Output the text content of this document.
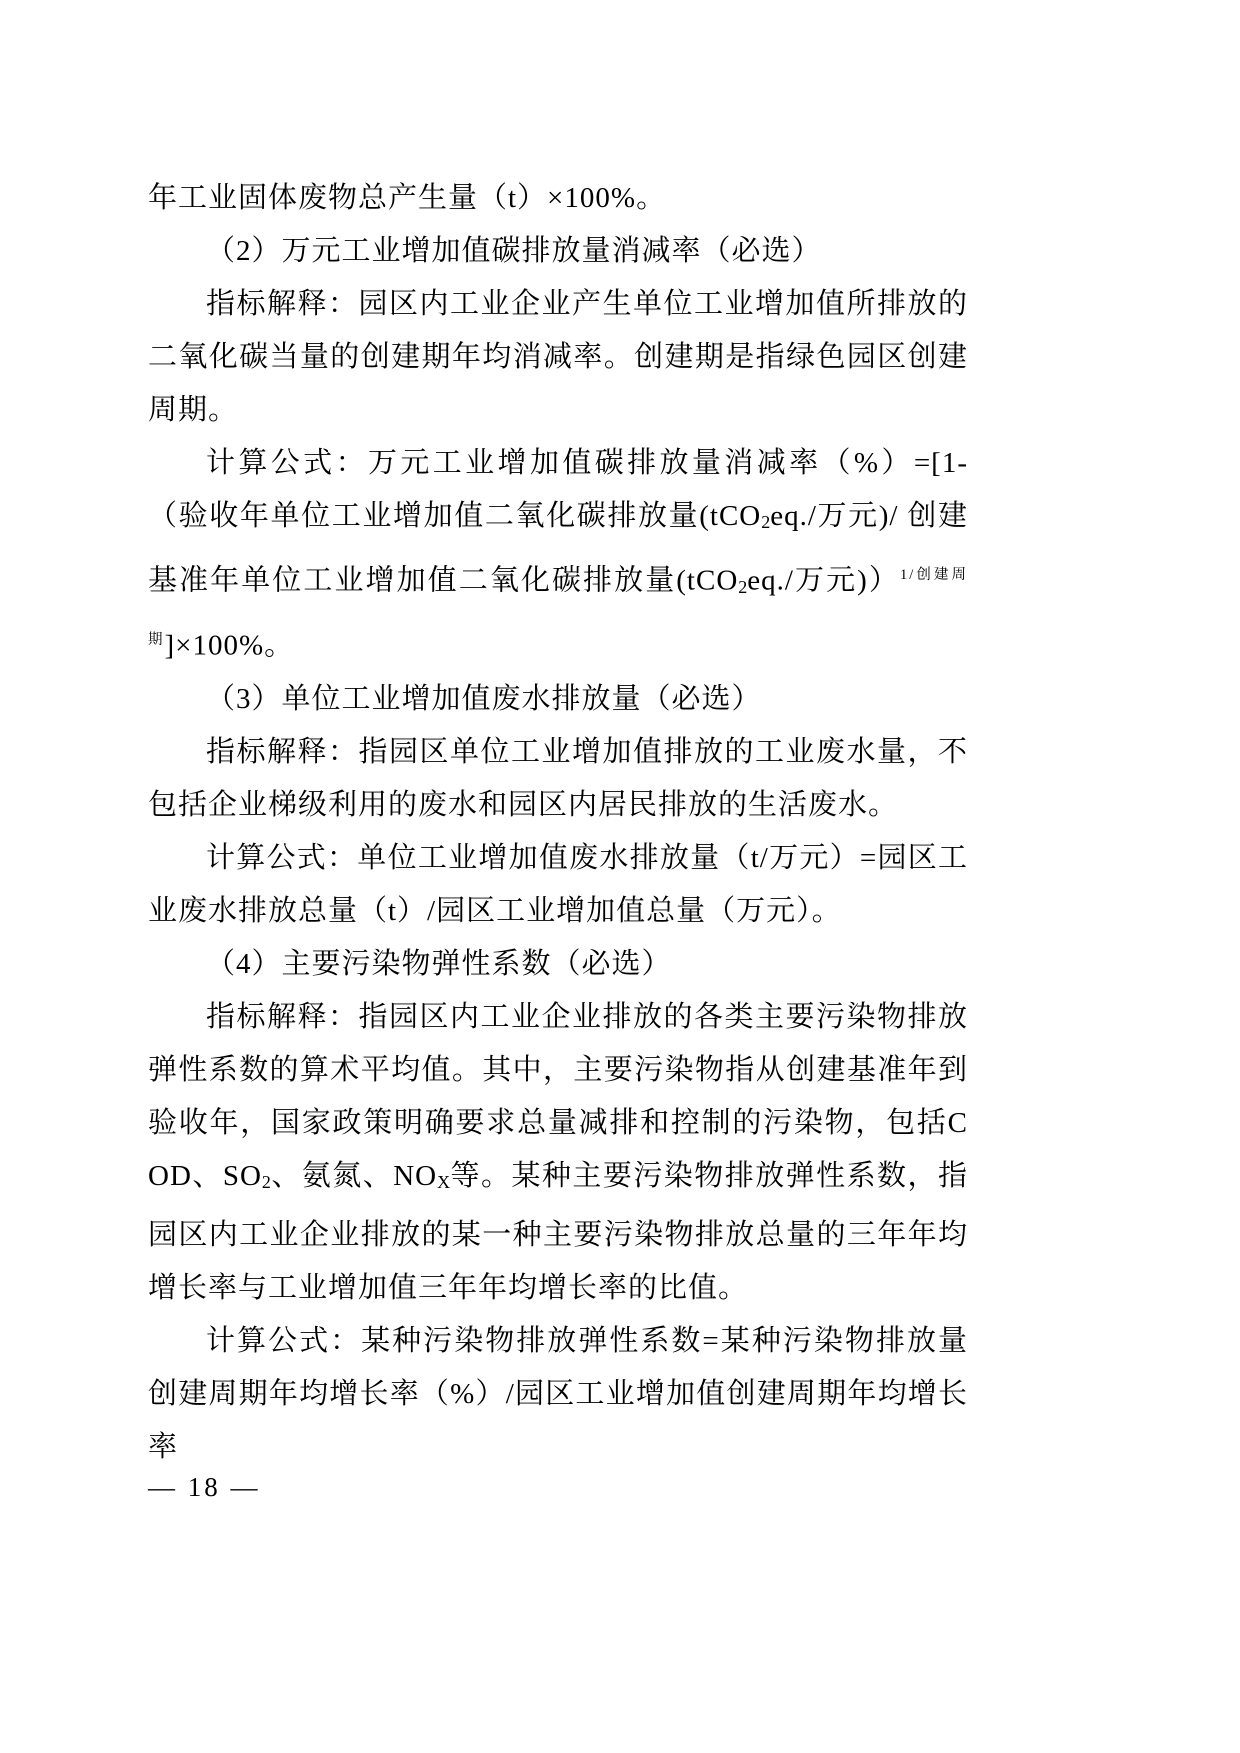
年工业固体废物总产生量（t）×100%。

（2）万元工业增加值碳排放量消减率（必选）

指标解释：园区内工业企业产生单位工业增加值所排放的二氧化碳当量的创建期年均消减率。创建期是指绿色园区创建周期。

计算公式：万元工业增加值碳排放量消减率（%）=[1-（验收年单位工业增加值二氧化碳排放量(tCO2eq./万元)/ 创建基准年单位工业增加值二氧化碳排放量(tCO2eq./万元)）$^{1/创建周期}$]×100%。

（3）单位工业增加值废水排放量（必选）

指标解释：指园区单位工业增加值排放的工业废水量，不包括企业梯级利用的废水和园区内居民排放的生活废水。

计算公式：单位工业增加值废水排放量（t/万元）=园区工业废水排放总量（t）/园区工业增加值总量（万元）。

（4）主要污染物弹性系数（必选）

指标解释：指园区内工业企业排放的各类主要污染物排放弹性系数的算术平均值。其中，主要污染物指从创建基准年到验收年，国家政策明确要求总量减排和控制的污染物，包括COD、SO2、氨氮、NOX等。某种主要污染物排放弹性系数，指园区内工业企业排放的某一种主要污染物排放总量的三年年均增长率与工业增加值三年年均增长率的比值。

计算公式：某种污染物排放弹性系数=某种污染物排放量创建周期年均增长率（%）/园区工业增加值创建周期年均增长率

— 18 —
